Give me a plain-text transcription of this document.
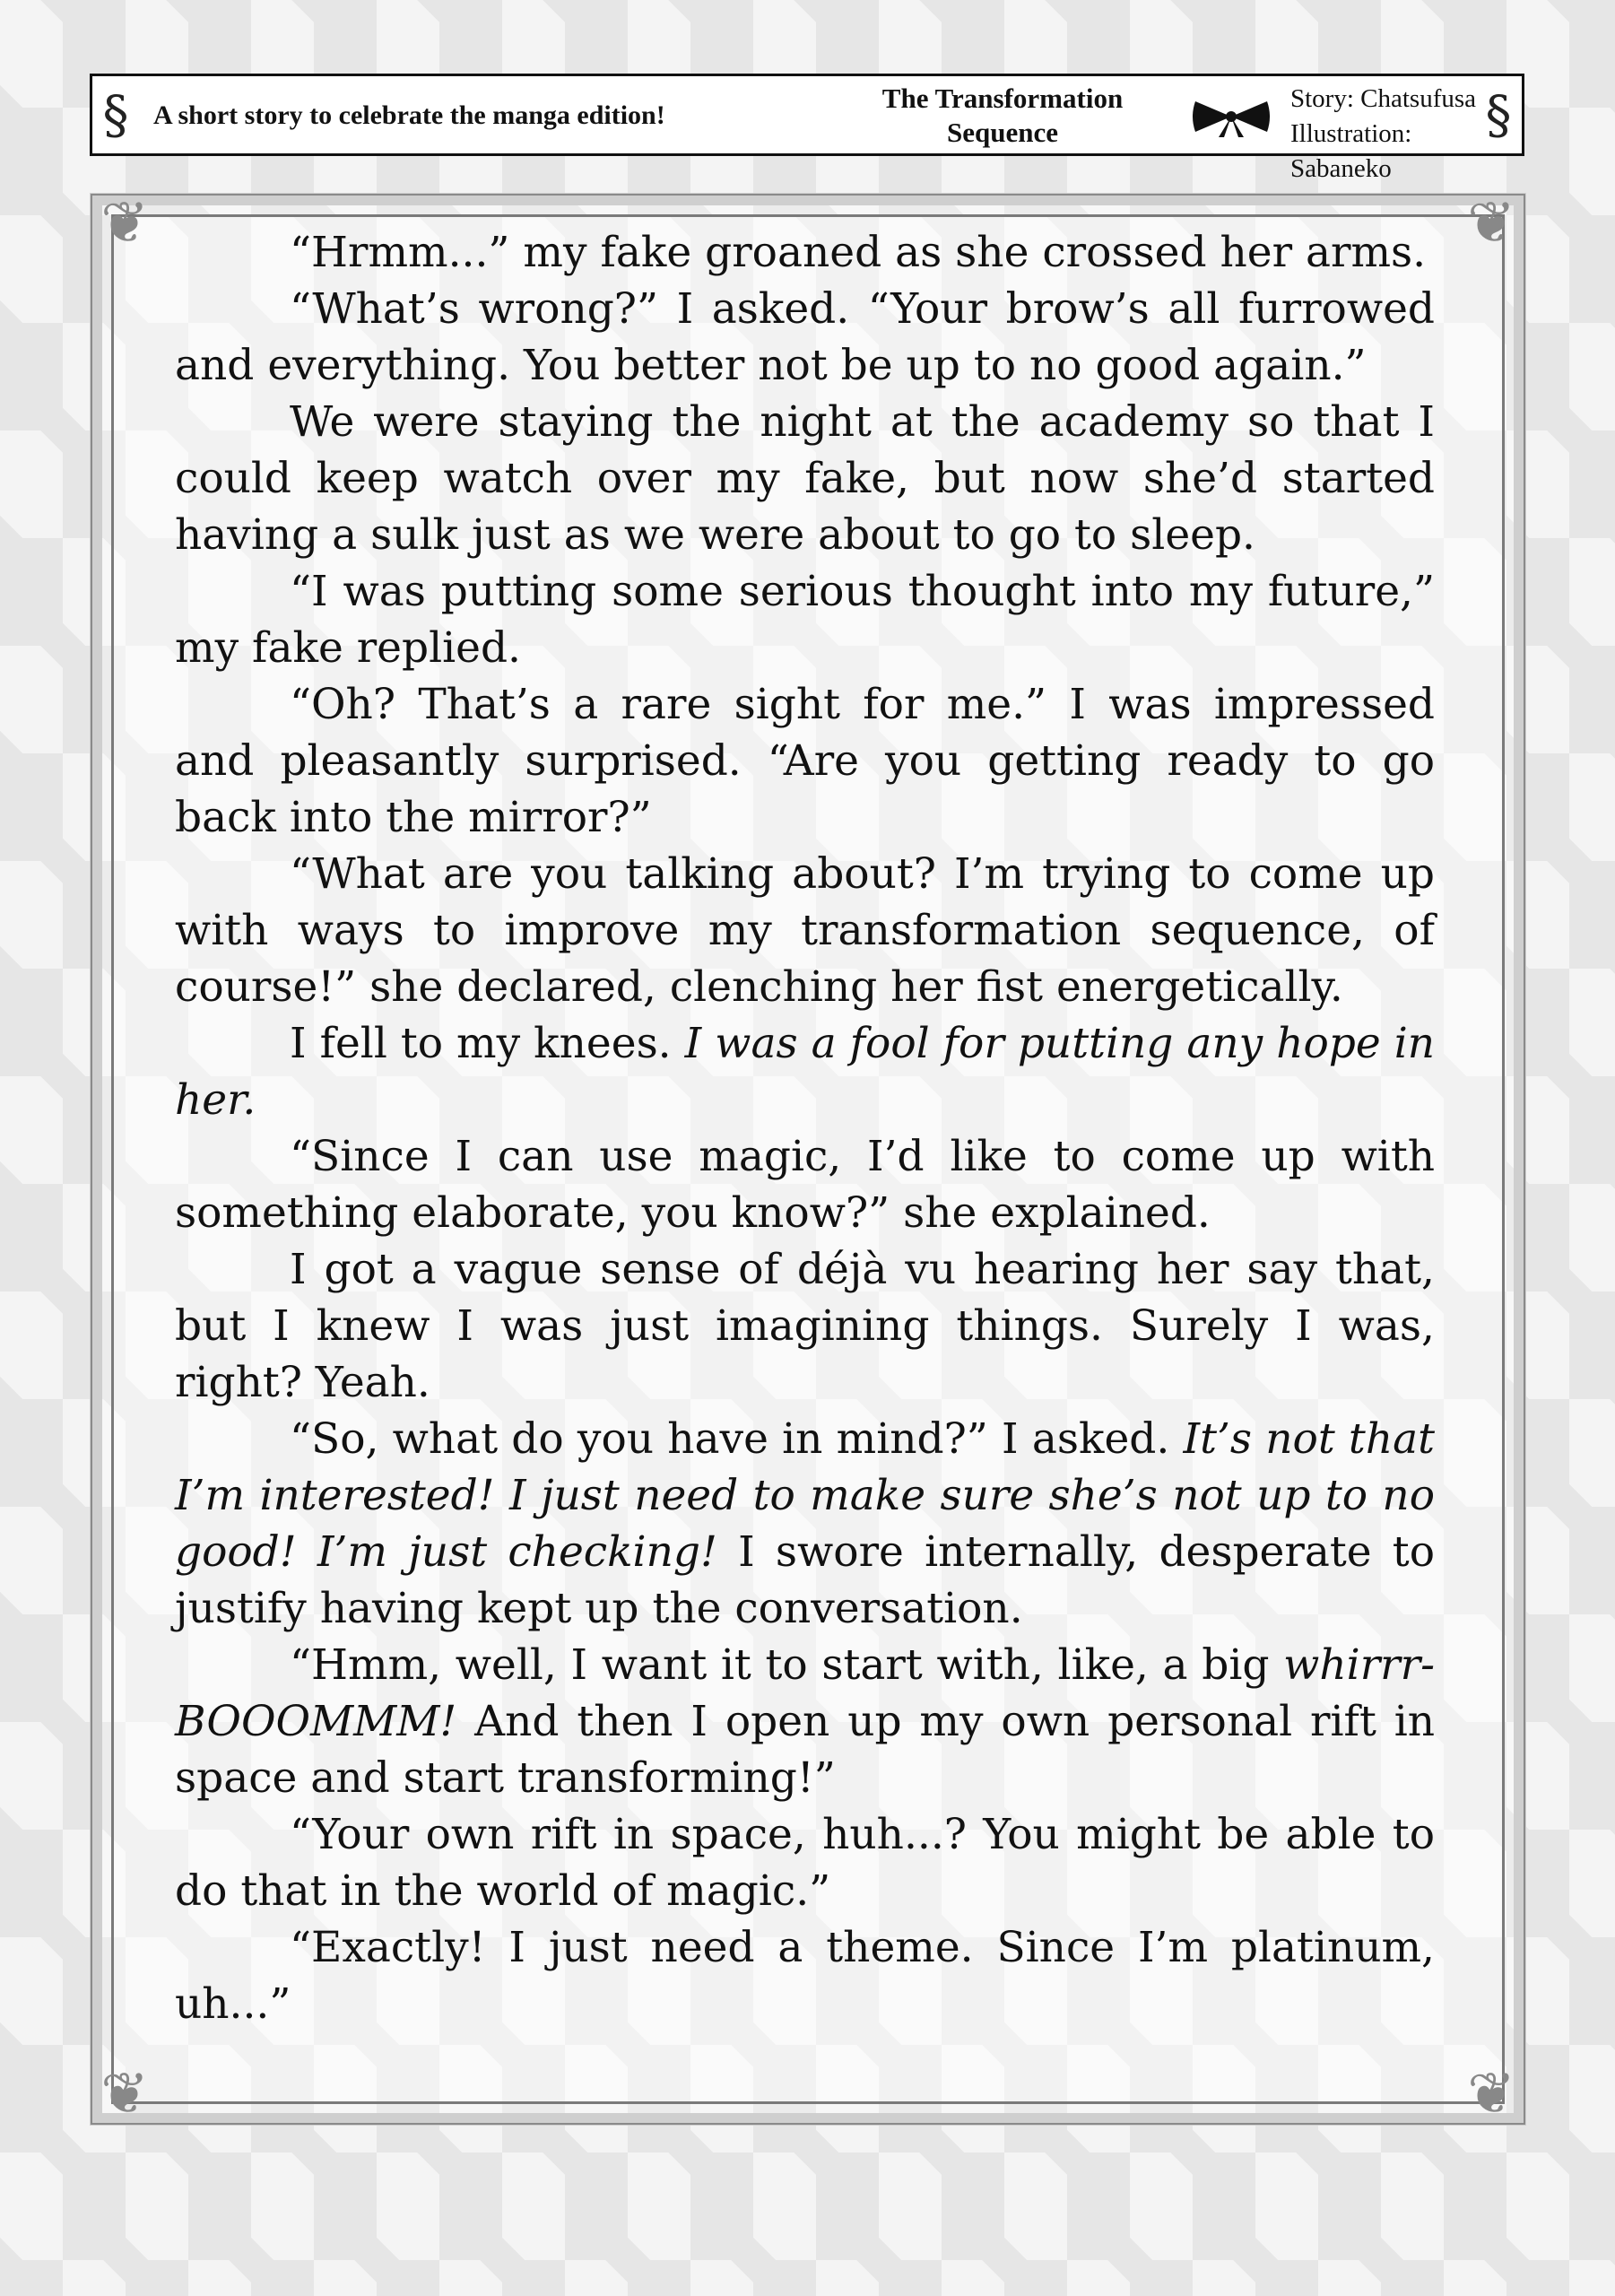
§ A short story to celebrate the manga edition!
The Transformation
Sequence
Story: Chatsufusa
Illustration: Sabaneko
§
❦	❦
❦	❦

“Hrmm...” my fake groaned as she crossed her arms.

“What’s wrong?” I asked. “Your brow’s all furrowed and everything. You better not be up to no good again.”

We were staying the night at the academy so that I could keep watch over my fake, but now she’d started having a sulk just as we were about to go to sleep.

“I was putting some serious thought into my future,” my fake replied.

“Oh? That’s a rare sight for me.” I was impressed and pleasantly surprised. “Are you getting ready to go back into the mirror?”

“What are you talking about? I’m trying to come up with ways to improve my transformation sequence, of course!” she declared, clenching her fist energetically.

I fell to my knees. I was a fool for putting any hope in her.

“Since I can use magic, I’d like to come up with something elaborate, you know?” she explained.

I got a vague sense of déjà vu hearing her say that, but I knew I was just imagining things. Surely I was, right? Yeah.

“So, what do you have in mind?” I asked. It’s not that I’m interested! I just need to make sure she’s not up to no good! I’m just checking! I swore internally, desperate to justify having kept up the conversation.

“Hmm, well, I want it to start with, like, a big whirrr-BOOOMMM! And then I open up my own personal rift in space and start transforming!”

“Your own rift in space, huh...? You might be able to do that in the world of magic.”

“Exactly! I just need a theme. Since I’m platinum, uh...”
